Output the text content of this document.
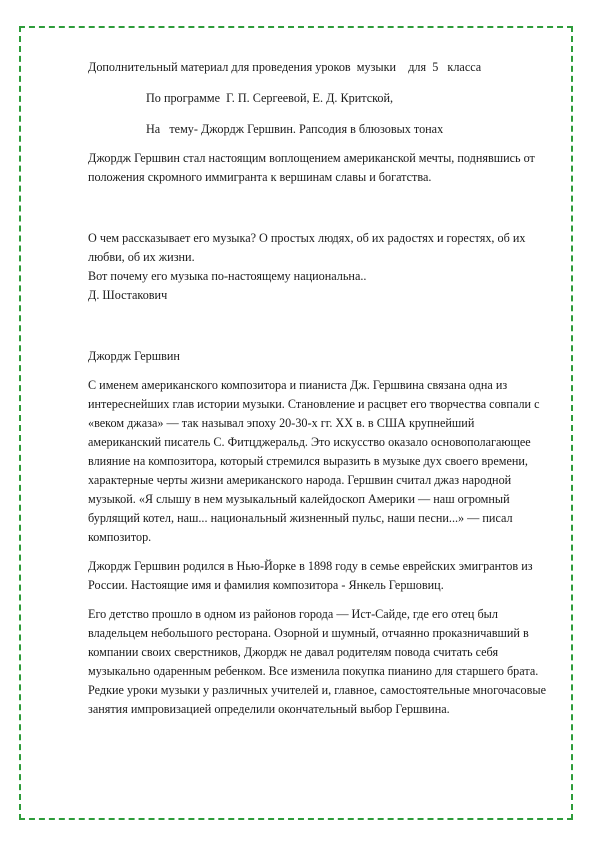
Дополнительный материал для проведения уроков  музыки    для  5   класса

По программе  Г. П. Сергеевой, Е. Д. Критской,

На   тему- Джордж Гершвин. Рапсодия в блюзовых тонах

Джордж Гершвин стал настоящим воплощением американской мечты, поднявшись от положения скромного иммигранта к вершинам славы и богатства.

О чем рассказывает его музыка? О простых людях, об их радостях и горестях, об их любви, об их жизни.
Вот почему его музыка по-настоящему национальна..
Д. Шостакович

Джордж Гершвин

С именем американского композитора и пианиста Дж. Гершвина связана одна из интереснейших глав истории музыки. Становление и расцвет его творчества совпали с «веком джаза» — так называл эпоху 20-30-х гг. XX в. в США крупнейший американский писатель С. Фитцджеральд. Это искусство оказало основополагающее влияние на композитора, который стремился выразить в музыке дух своего времени, характерные черты жизни американского народа. Гершвин считал джаз народной музыкой. «Я слышу в нем музыкальный калейдоскоп Америки — наш огромный бурлящий котел, наш... национальный жизненный пульс, наши песни...» — писал композитор.

Джордж Гершвин родился в Нью-Йорке в 1898 году в семье еврейских эмигрантов из России. Настоящие имя и фамилия композитора - Янкель Гершовиц.

Его детство прошло в одном из районов города — Ист-Сайде, где его отец был владельцем небольшого ресторана. Озорной и шумный, отчаянно проказничавший в компании своих сверстников, Джордж не давал родителям повода считать себя музыкально одаренным ребенком. Все изменила покупка пианино для старшего брата. Редкие уроки музыки у различных учителей и, главное, самостоятельные многочасовые занятия импровизацией определили окончательный выбор Гершвина.
